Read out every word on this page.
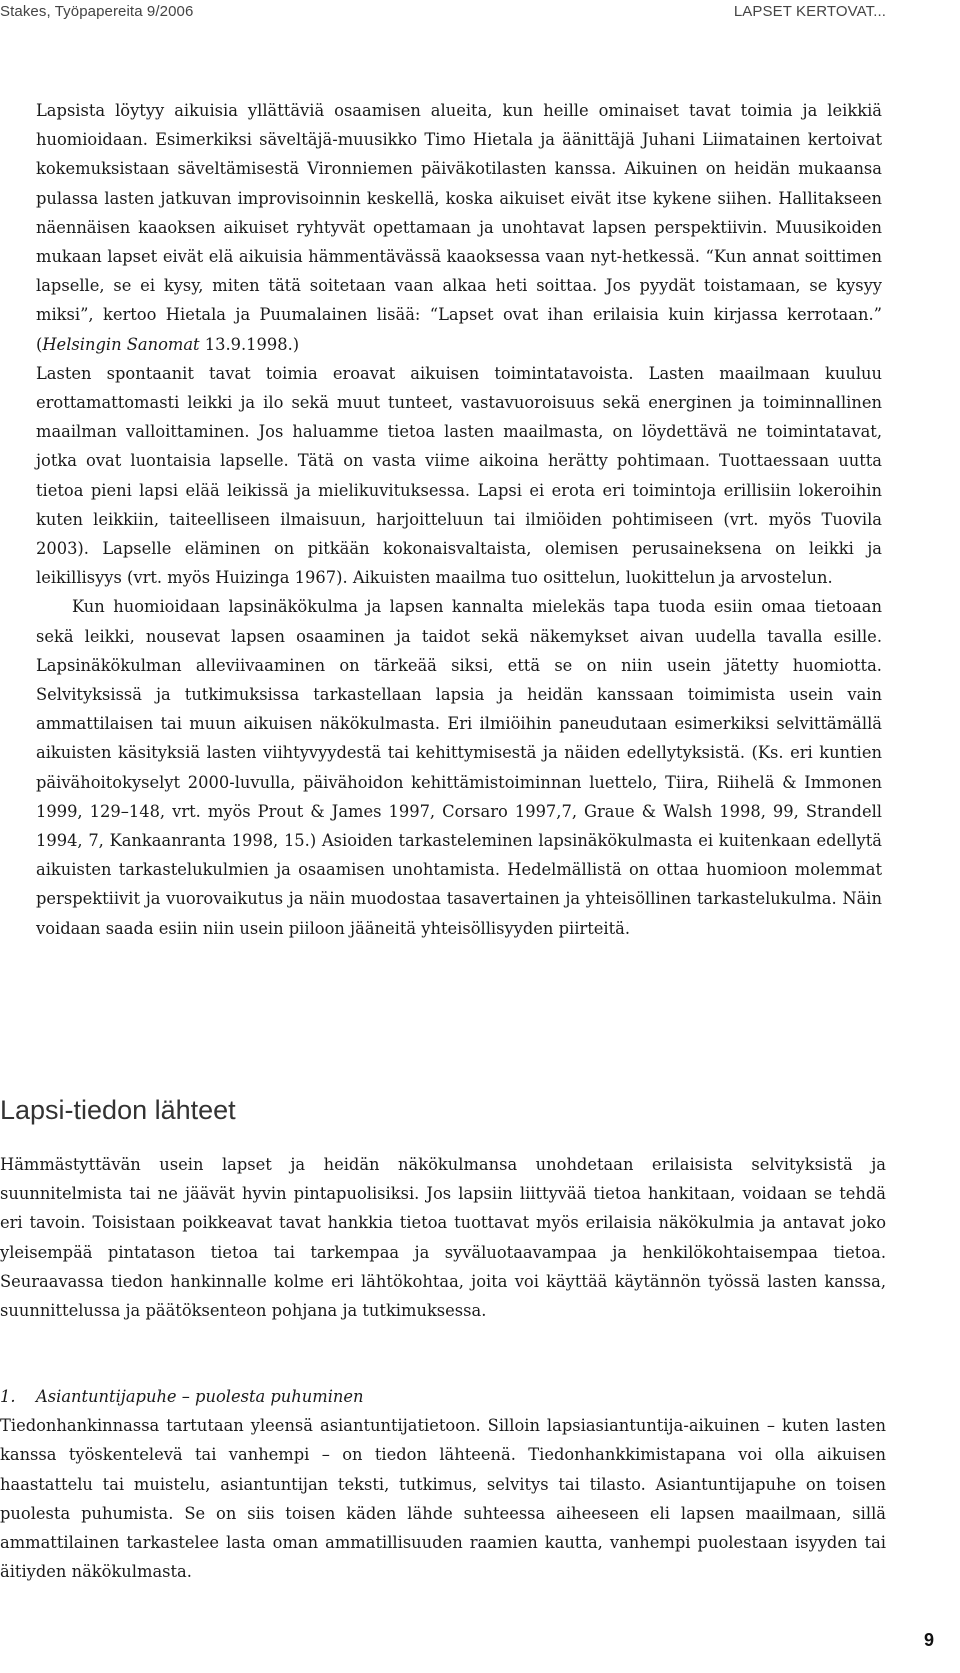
Stakes, Työpapereita 9/2006	LAPSET KERTOVAT...

Lapsista löytyy aikuisia yllättäviä osaamisen alueita, kun heille ominaiset tavat toimia ja leikkiä huomioidaan. Esimerkiksi säveltäjä-muusikko Timo Hietala ja äänittäjä Juhani Liimatainen kertoivat kokemuksistaan säveltämisestä Vironniemen päiväkotilasten kanssa. Aikuinen on heidän mukaansa pulassa lasten jatkuvan improvisoinnin keskellä, koska aikuiset eivät itse kykene siihen. Hallitakseen näennäisen kaaoksen aikuiset ryhtyvät opettamaan ja unohtavat lapsen perspektiivin. Muusikoiden mukaan lapset eivät elä aikuisia hämmentävässä kaaoksessa vaan nyt-hetkessä. “Kun annat soittimen lapselle, se ei kysy, miten tätä soitetaan vaan alkaa heti soittaa. Jos pyydät toistamaan, se kysyy miksi”, kertoo Hietala ja Puumalainen lisää: “Lapset ovat ihan erilaisia kuin kirjassa kerrotaan.” (Helsingin Sanomat 13.9.1998.)

Lasten spontaanit tavat toimia eroavat aikuisen toimintatavoista. Lasten maailmaan kuuluu erottamattomasti leikki ja ilo sekä muut tunteet, vastavuoroisuus sekä energinen ja toiminnallinen maailman valloittaminen. Jos haluamme tietoa lasten maailmasta, on löydettävä ne toimintatavat, jotka ovat luontaisia lapselle. Tätä on vasta viime aikoina herätty pohtimaan. Tuottaessaan uutta tietoa pieni lapsi elää leikissä ja mielikuvituksessa. Lapsi ei erota eri toimintoja erillisiin lokeroihin kuten leikkiin, taiteelliseen ilmaisuun, harjoitteluun tai ilmiöiden pohtimiseen (vrt. myös Tuovila 2003). Lapselle eläminen on pitkään kokonaisvaltaista, olemisen perusaineksena on leikki ja leikillisyys (vrt. myös Huizinga 1967). Aikuisten maailma tuo osittelun, luokittelun ja arvostelun.

Kun huomioidaan lapsinäkökulma ja lapsen kannalta mielekäs tapa tuoda esiin omaa tietoaan sekä leikki, nousevat lapsen osaaminen ja taidot sekä näkemykset aivan uudella tavalla esille. Lapsinäkökulman alleviivaaminen on tärkeää siksi, että se on niin usein jätetty huomiotta. Selvityksissä ja tutkimuksissa tarkastellaan lapsia ja heidän kanssaan toimimista usein vain ammattilaisen tai muun aikuisen näkökulmasta. Eri ilmiöihin paneudutaan esimerkiksi selvittämällä aikuisten käsityksiä lasten viihtyvyydestä tai kehittymisestä ja näiden edellytyksistä. (Ks. eri kuntien päivähoitokyselyt 2000-luvulla, päivähoidon kehittämistoiminnan luettelo, Tiira, Riihelä & Immonen 1999, 129–148, vrt. myös Prout & James 1997, Corsaro 1997,7, Graue & Walsh 1998, 99, Strandell 1994, 7, Kankaanranta 1998, 15.) Asioiden tarkasteleminen lapsinäkökulmasta ei kuitenkaan edellytä aikuisten tarkastelukulmien ja osaamisen unohtamista. Hedelmällistä on ottaa huomioon molemmat perspektiivit ja vuorovaikutus ja näin muodostaa tasavertainen ja yhteisöllinen tarkastelukulma. Näin voidaan saada esiin niin usein piiloon jääneitä yhteisöllisyyden piirteitä.

Lapsi-tiedon lähteet

Hämmästyttävän usein lapset ja heidän näkökulmansa unohdetaan erilaisista selvityksistä ja suunnitelmista tai ne jäävät hyvin pintapuolisiksi. Jos lapsiin liittyvää tietoa hankitaan, voidaan se tehdä eri tavoin. Toisistaan poikkeavat tavat hankkia tietoa tuottavat myös erilaisia näkökulmia ja antavat joko yleisempää pintatason tietoa tai tarkempaa ja syväluotaavampaa ja henkilökohtaisempaa tietoa. Seuraavassa tiedon hankinnalle kolme eri lähtökohtaa, joita voi käyttää käytännön työssä lasten kanssa, suunnittelussa ja päätöksenteon pohjana ja tutkimuksessa.

1. Asiantuntijapuhe – puolesta puhuminen

Tiedonhankinnassa tartutaan yleensä asiantuntijatietoon. Silloin lapsiasiantuntija-aikuinen – kuten lasten kanssa työskentelevä tai vanhempi – on tiedon lähteenä. Tiedonhankkimistapana voi olla aikuisen haastattelu tai muistelu, asiantuntijan teksti, tutkimus, selvitys tai tilasto. Asiantuntijapuhe on toisen puolesta puhumista. Se on siis toisen käden lähde suhteessa aiheeseen eli lapsen maailmaan, sillä ammattilainen tarkastelee lasta oman ammatillisuuden raamien kautta, vanhempi puolestaan isyyden tai äitiyden näkökulmasta.

9
